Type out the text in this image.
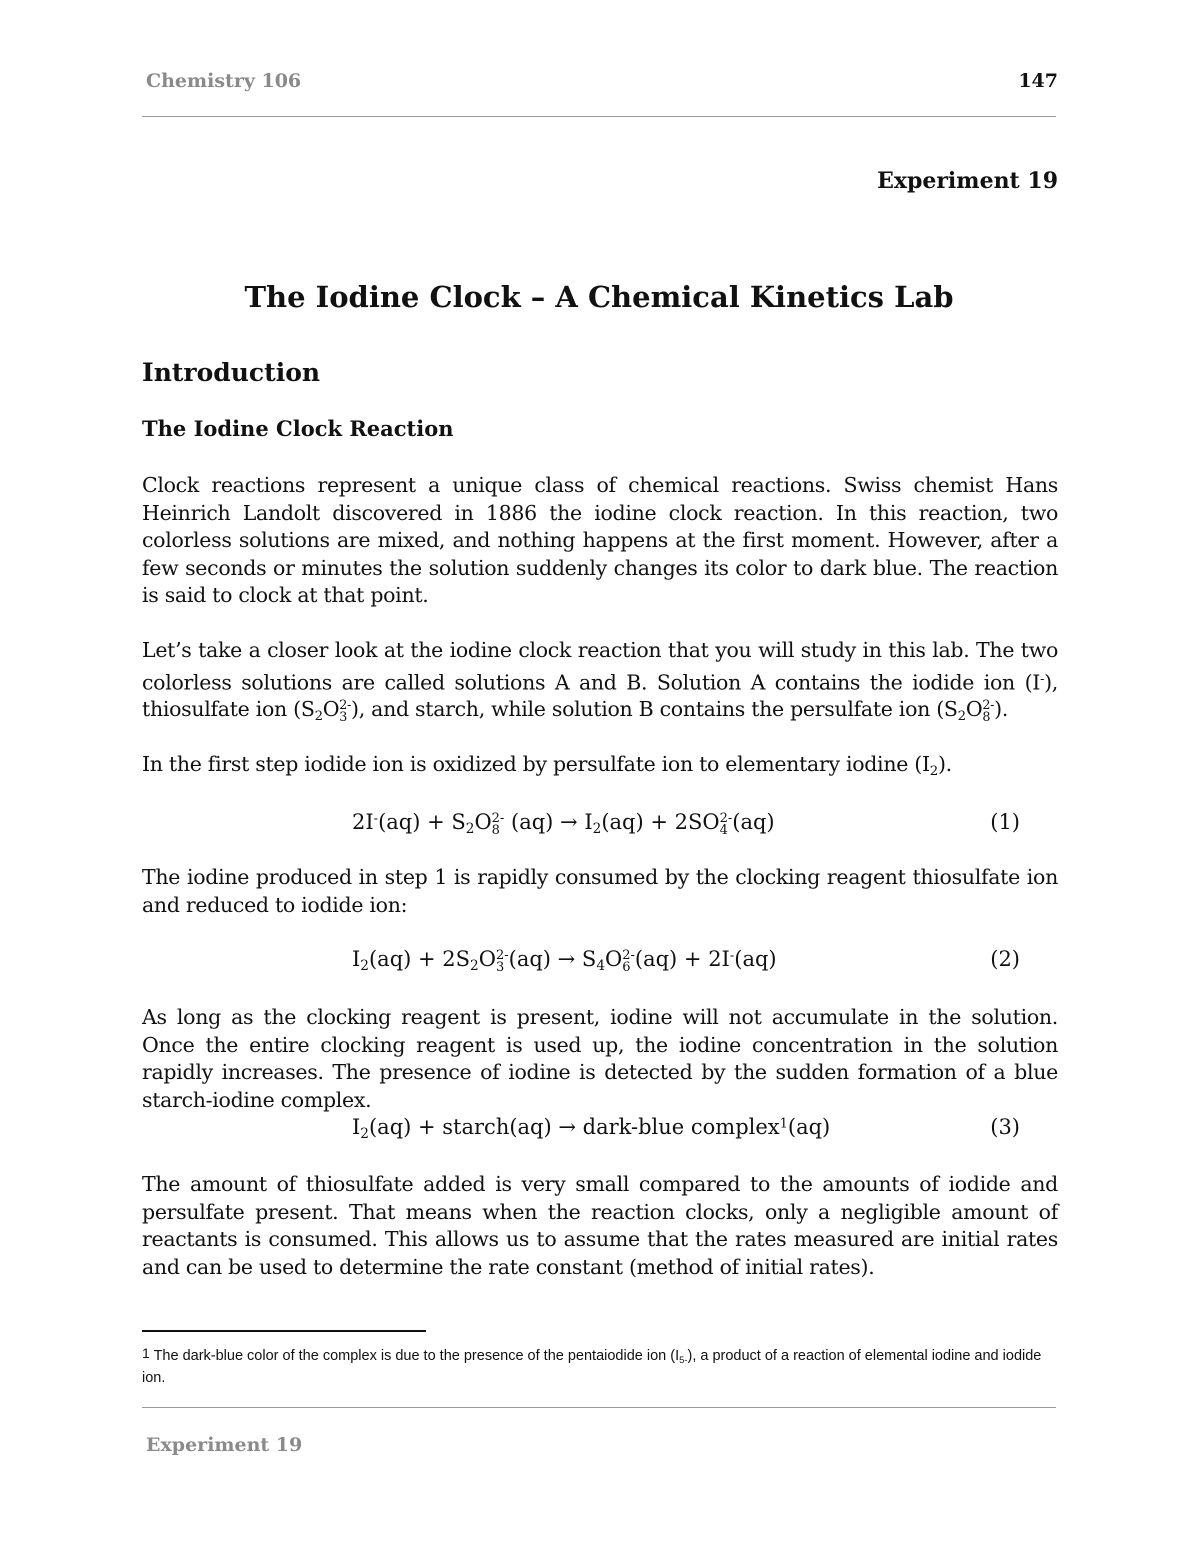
Chemistry 106	147
Experiment 19
The Iodine Clock – A Chemical Kinetics Lab
Introduction
The Iodine Clock Reaction
Clock reactions represent a unique class of chemical reactions. Swiss chemist Hans Heinrich Landolt discovered in 1886 the iodine clock reaction. In this reaction, two colorless solutions are mixed, and nothing happens at the first moment. However, after a few seconds or minutes the solution suddenly changes its color to dark blue. The reaction is said to clock at that point.
Let’s take a closer look at the iodine clock reaction that you will study in this lab. The two colorless solutions are called solutions A and B. Solution A contains the iodide ion (I-), thiosulfate ion ($S_2O$ 2-
3 ), and starch, while solution B contains the persulfate ion ($S_2O$ 2-
8 ).
In the first step iodide ion is oxidized by persulfate ion to elementary iodine $(I_2)$.
$2I^-(aq) + S_2O$ 2-
8 $(aq) \to I_2(aq) + 2SO$ 2-
4 (aq)	(1)
The iodine produced in step 1 is rapidly consumed by the clocking reagent thiosulfate ion and reduced to iodide ion:
$I_2(aq) + 2S_2O$ 2-
3 $(aq) \to S_4O$ 2-
6 (aq) + 2I-(aq)	(2)
As long as the clocking reagent is present, iodine will not accumulate in the solution. Once the entire clocking reagent is used up, the iodine concentration in the solution rapidly increases. The presence of iodine is detected by the sudden formation of a blue starch-iodine complex.
$I_2(aq)$ + starch(aq) → dark-blue complex$^1$(aq)	(3)
The amount of thiosulfate added is very small compared to the amounts of iodide and persulfate present. That means when the reaction clocks, only a negligible amount of reactants is consumed. This allows us to assume that the rates measured are initial rates and can be used to determine the rate constant (method of initial rates).
$^1$ The dark-blue color of the complex is due to the presence of the pentaiodide ion $(I_{5-})$, a product of a reaction of elemental iodine and iodide ion.
Experiment 19
